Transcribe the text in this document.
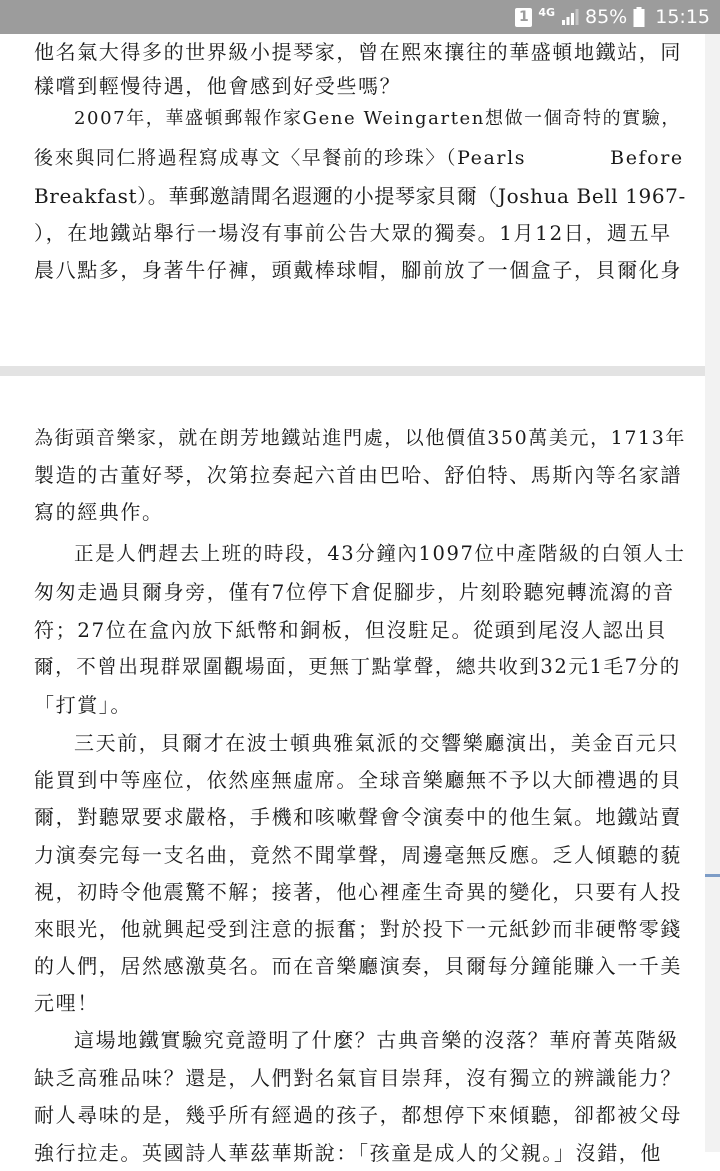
1 4G 85% 15:15
他名氣大得多的世界級小提琴家，曾在熙來攘往的華盛頓地鐵站，同
樣嚐到輕慢待遇，他會感到好受些嗎？
2007年，華盛頓郵報作家Gene Weingarten想做一個奇特的實驗，
後來與同仁將過程寫成專文〈早餐前的珍珠〉（Pearls           Before
Breakfast）。華郵邀請聞名遐邇的小提琴家貝爾（Joshua Bell 1967-
），在地鐵站舉行一場沒有事前公告大眾的獨奏。1月12日，週五早
晨八點多，身著牛仔褲，頭戴棒球帽，腳前放了一個盒子，貝爾化身
為街頭音樂家，就在朗芳地鐵站進門處，以他價值350萬美元，1713年
製造的古董好琴，次第拉奏起六首由巴哈、舒伯特、馬斯內等名家譜
寫的經典作。
正是人們趕去上班的時段，43分鐘內1097位中產階級的白領人士
匆匆走過貝爾身旁，僅有7位停下倉促腳步，片刻聆聽宛轉流瀉的音
符；27位在盒內放下紙幣和銅板，但沒駐足。從頭到尾沒人認出貝
爾，不曾出現群眾圍觀場面，更無丁點掌聲，總共收到32元1毛7分的
「打賞」。
三天前，貝爾才在波士頓典雅氣派的交響樂廳演出，美金百元只
能買到中等座位，依然座無虛席。全球音樂廳無不予以大師禮遇的貝
爾，對聽眾要求嚴格，手機和咳嗽聲會令演奏中的他生氣。地鐵站賣
力演奏完每一支名曲，竟然不聞掌聲，周邊毫無反應。乏人傾聽的藐
視，初時令他震驚不解；接著，他心裡產生奇異的變化，只要有人投
來眼光，他就興起受到注意的振奮；對於投下一元紙鈔而非硬幣零錢
的人們，居然感激莫名。而在音樂廳演奏，貝爾每分鐘能賺入一千美
元哩！
這場地鐵實驗究竟證明了什麼？古典音樂的沒落？華府菁英階級
缺乏高雅品味？還是，人們對名氣盲目崇拜，沒有獨立的辨識能力？
耐人尋味的是，幾乎所有經過的孩子，都想停下來傾聽，卻都被父母
強行拉走。英國詩人華茲華斯說：「孩童是成人的父親。」沒錯，他
